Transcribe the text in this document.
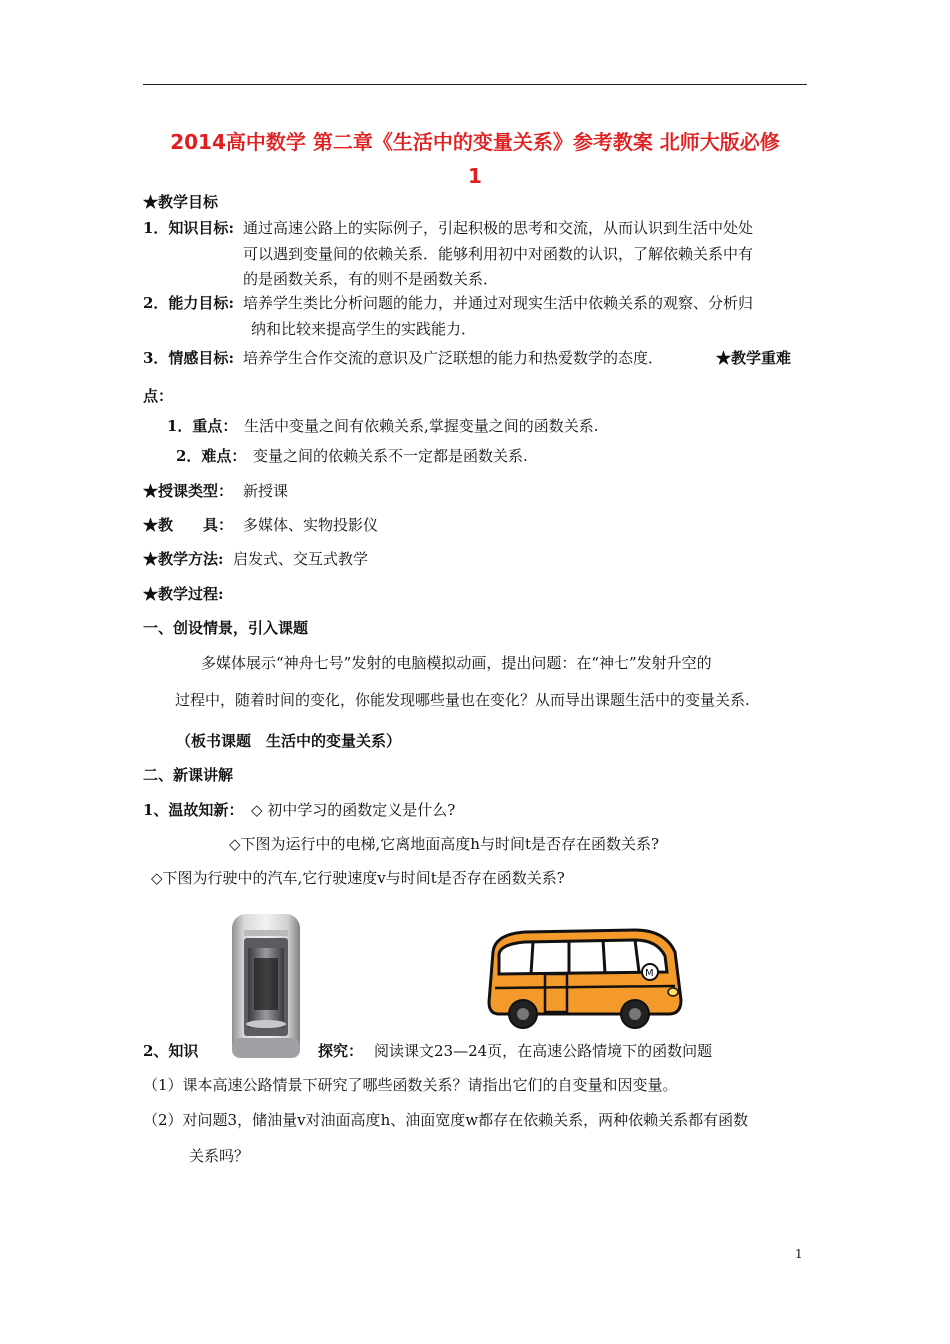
2014高中数学 第二章《生活中的变量关系》参考教案 北师大版必修
1
★教学目标
1．知识目标: 通过高速公路上的实际例子，引起积极的思考和交流，从而认识到生活中处处
可以遇到变量间的依赖关系．能够利用初中对函数的认识，了解依赖关系中有
的是函数关系，有的则不是函数关系．
2．能力目标: 培养学生类比分析问题的能力，并通过对现实生活中依赖关系的观察、分析归
纳和比较来提高学生的实践能力．
3．情感目标: 培养学生合作交流的意识及广泛联想的能力和热爱数学的态度．	★教学重难
点：
1．重点： 生活中变量之间有依赖关系,掌握变量之间的函数关系.
2．难点： 变量之间的依赖关系不一定都是函数关系.
★授课类型： 新授课
★教　　具： 多媒体、实物投影仪
★教学方法: 启发式、交互式教学
★教学过程:
一、创设情景，引入课题
多媒体展示“神舟七号”发射的电脑模拟动画，提出问题：在“神七”发射升空的
过程中，随着时间的变化，你能发现哪些量也在变化？从而导出课题生活中的变量关系.
（板书课题　生活中的变量关系）
二、新课讲解
1、温故知新： ◇ 初中学习的函数定义是什么?
◇下图为运行中的电梯,它离地面高度h与时间t是否存在函数关系?
◇下图为行驶中的汽车,它行驶速度v与时间t是否存在函数关系?
M
2、知识	探究： 阅读课文23—24页，在高速公路情境下的函数问题
（1）课本高速公路情景下研究了哪些函数关系？请指出它们的自变量和因变量。
（2）对问题3，储油量v对油面高度h、油面宽度w都存在依赖关系，两种依赖关系都有函数
关系吗？
1
